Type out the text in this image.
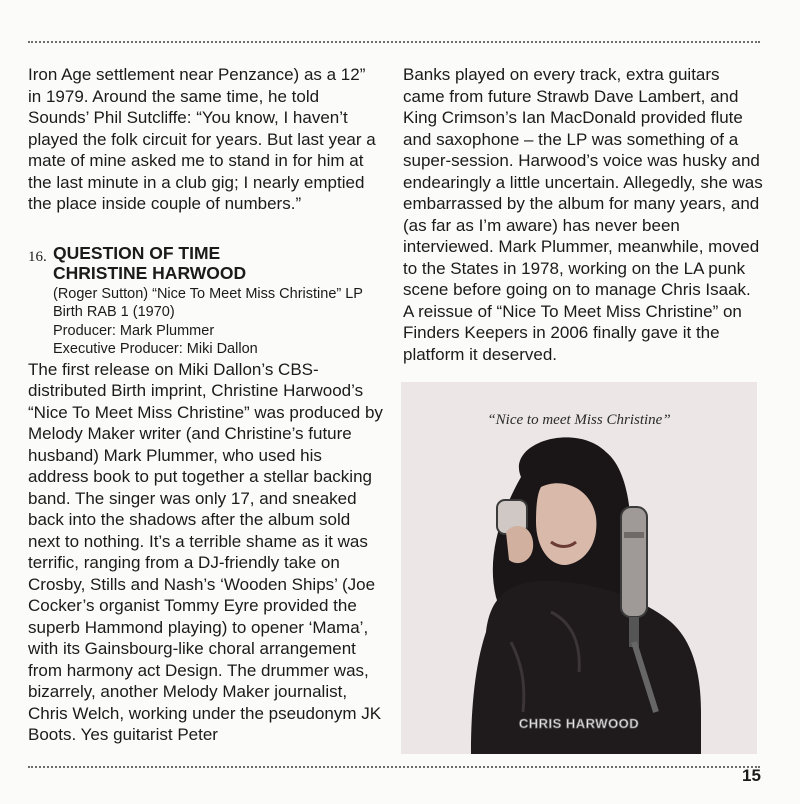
Iron Age settlement near Penzance) as a 12” in 1979. Around the same time, he told Sounds’ Phil Sutcliffe: “You know, I haven’t played the folk circuit for years. But last year a mate of mine asked me to stand in for him at the last minute in a club gig; I nearly emptied the place inside couple of numbers.”

16. QUESTION OF TIME
CHRISTINE HARWOOD
(Roger Sutton) “Nice To Meet Miss Christine” LP
Birth RAB 1 (1970)
Producer: Mark Plummer
Executive Producer: Miki Dallon

The first release on Miki Dallon’s CBS-distributed Birth imprint, Christine Harwood’s “Nice To Meet Miss Christine” was produced by Melody Maker writer (and Christine’s future husband) Mark Plummer, who used his address book to put together a stellar backing band. The singer was only 17, and sneaked back into the shadows after the album sold next to nothing. It’s a terrible shame as it was terrific, ranging from a DJ-friendly take on Crosby, Stills and Nash’s ‘Wooden Ships’ (Joe Cocker’s organist Tommy Eyre provided the superb Hammond playing) to opener ‘Mama’, with its Gainsbourg-like choral arrangement from harmony act Design. The drummer was, bizarrely, another Melody Maker journalist, Chris Welch, working under the pseudonym JK Boots. Yes guitarist Peter

Banks played on every track, extra guitars came from future Strawb Dave Lambert, and King Crimson’s Ian MacDonald provided flute and saxophone – the LP was something of a super-session. Harwood’s voice was husky and endearingly a little uncertain. Allegedly, she was embarrassed by the album for many years, and (as far as I’m aware) has never been interviewed. Mark Plummer, meanwhile, moved to the States in 1978, working on the LA punk scene before going on to manage Chris Isaak. A reissue of “Nice To Meet Miss Christine” on Finders Keepers in 2006 finally gave it the platform it deserved.

“Nice to meet Miss Christine”
CHRIS HARWOOD
15
